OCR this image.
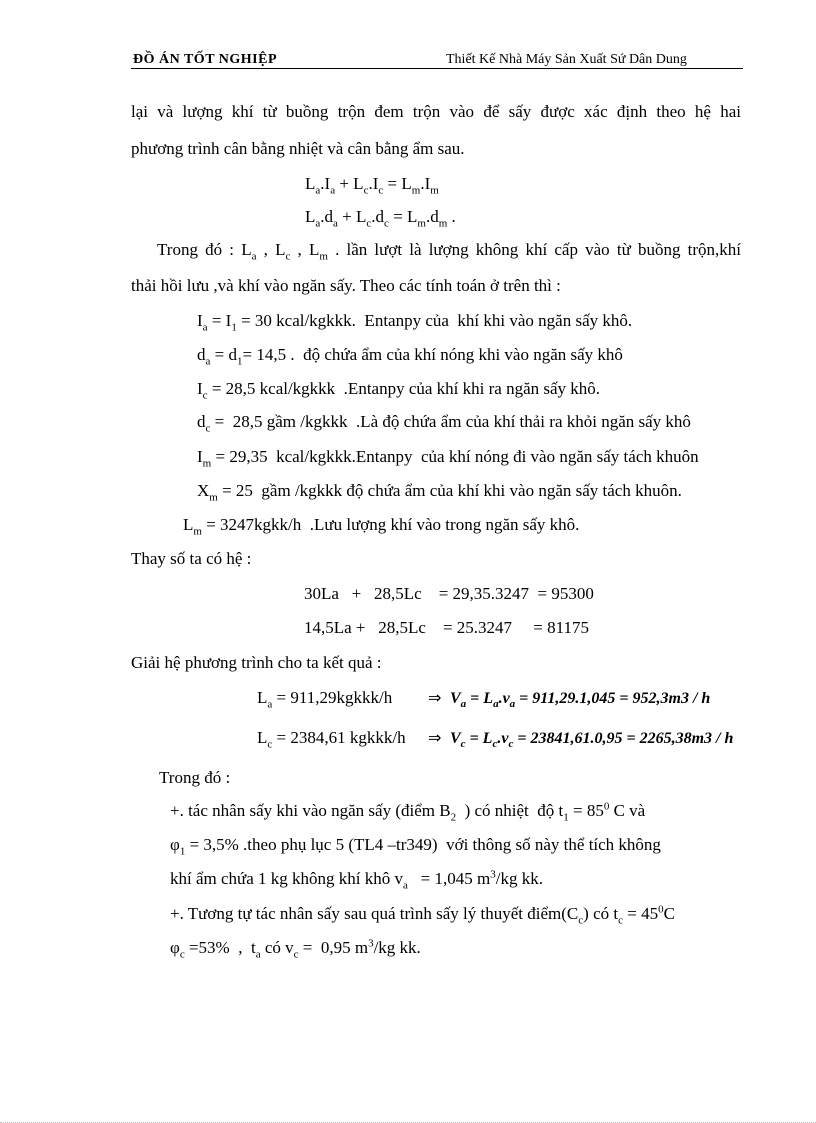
ĐỒ ÁN TỐT NGHIỆP	Thiết Kế Nhà Máy Sản Xuất Sứ Dân Dung
lại và lượng khí từ buồng trộn đem trộn vào để sấy được xác định theo hệ hai
phương trình cân bằng nhiệt và cân bằng ẩm sau.
$L_a.I_a + L_c.I_c = L_m.I_m$
$L_a.d_a + L_c.d_c = L_m.d_m$ .
Trong đó : $L_a$ , $L_c$ , $L_m$ . lần lượt là lượng không khí cấp vào từ buồng trộn,khí
thải hồi lưu ,và khí vào ngăn sấy. Theo các tính toán ở trên thì :
$I_a = I_1 = 30$ kcal/kgkkk.  Entanpy của  khí khi vào ngăn sấy khô.
$d_a = d_1= 14,5$ .  độ chứa ẩm của khí nóng khi vào ngăn sấy khô
$I_c = 28,5$ kcal/kgkkk  .Entanpy của khí khi ra ngăn sấy khô.
$d_c = 28,5$ gầm /kgkkk  .Là độ chứa ẩm của khí thải ra khỏi ngăn sấy khô
$I_m = 29,35$  kcal/kgkkk.Entanpy  của khí nóng đi vào ngăn sấy tách khuôn
$X_m = 25$  gầm /kgkkk độ chứa ẩm của khí khi vào ngăn sấy tách khuôn.
$L_m$ = 3247kgkk/h  .Lưu lượng khí vào trong ngăn sấy khô.
Thay số ta có hệ :
30La   +   28,5Lc    = 29,35.3247  = 95300
14,5La +   28,5Lc    = 25.3247     = 81175
Giải hệ phương trình cho ta kết quả :
$L_a$ = 911,29kgkkk/h ⇒ $V_a = L_a.v_a = 911,29.1,045 = 952,3m3 / h$
$L_c = 2384,61$ kgkkk/h ⇒ $V_c = L_c.v_c = 23841,61.0,95 = 2265,38m3 / h$
Trong đó :
+. tác nhân sấy khi vào ngăn sấy (điểm $B_2$  ) có nhiệt  độ $t_1 = 85^0$ C và
$\varphi_1 = 3,5\%$ .theo phụ lục 5 (TL4 –tr349)  với thông số này thể tích không
khí ẩm chứa 1 kg không khí khô $v_a = 1,045$ $m^3/kg$ kk.
+. Tương tự tác nhân sấy sau quá trình sấy lý thuyết $điểm(C_c)$ có $t_c = 45^0C$
$\varphi_c =53\%$  ,  $t_a$ có $v_c = 0,95$ $m^3/kg$ kk.
